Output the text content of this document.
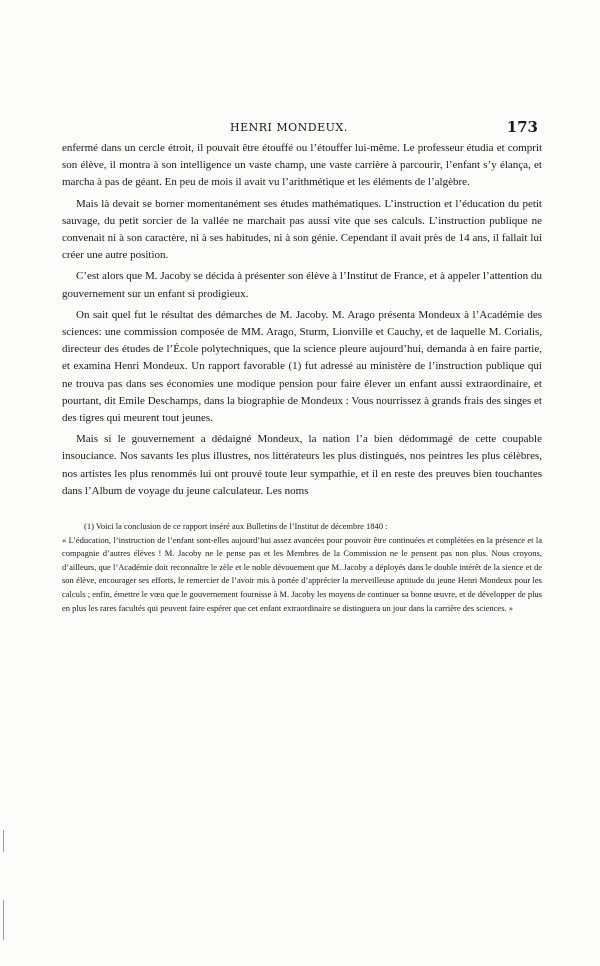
HENRI MONDEUX.	173

enfermé dans un cercle étroit, il pouvait être étouffé ou l’étouffer lui-même. Le professeur étudia et comprit son élève, il montra à son intelligence un vaste champ, une vaste carrière à parcourir, l’enfant s’y élança, et marcha à pas de géant. En peu de mois il avait vu l’arithmétique et les éléments de l’algèbre.

Mais là devait se borner momentanément ses études mathématiques. L’instruction et l’éducation du petit sauvage, du petit sorcier de la vallée ne marchait pas aussi vite que ses calculs. L’instruction publique ne convenait ni à son caractère, ni à ses habitudes, ni à son génie. Cependant il avait près de 14 ans, il fallait lui créer une autre position.

C’est alors que M. Jacoby se décida à présenter son élève à l’Institut de France, et à appeler l’attention du gouvernement sur un enfant si prodigieux.

On sait quel fut le résultat des démarches de M. Jacoby. M. Arago présenta Mondeux à l’Académie des sciences: une commission composée de MM. Arago, Sturm, Lionville et Cauchy, et de laquelle M. Corialis, directeur des études de l’École polytechniques, que la science pleure aujourd’hui, demanda à en faire partie, et examina Henri Mondeux. Un rapport favorable (1) fut adressé au ministère de l’instruction publique qui ne trouva pas dans ses économies une modique pension pour faire élever un enfant aussi extraordinaire, et pourtant, dit Emile Deschamps, dans la biographie de Mondeux : Vous nourrissez à grands frais des singes et des tigres qui meurent tout jeunes.

Mais si le gouvernement a dédaigné Mondeux, la nation l’a bien dédommagé de cette coupable insouciance. Nos savants les plus illustres, nos littérateurs les plus distingués, nos peintres les plus célèbres, nos artistes les plus renommés lui ont prouvé toute leur sympathie, et il en reste des preuves bien touchantes dans l’Album de voyage du jeune calculateur. Les noms

(1) Voici la conclusion de ce rapport inséré aux Bulletins de l’Institut de décembre 1840 :

« L’éducation, l’instruction de l’enfant sont-elles aujourd’hui assez avancées pour pouvoir être continuées et complétées en la présence et la compagnie d’autres élèves ! M. Jacoby ne le pense pas et les Membres de la Commission ne le pensent pas non plus. Nous croyons, d’ailleurs, que l’Académie doit reconnaître le zèle et le noble dévouement que M. Jacoby a déployés dans le double intérêt de la sience et de son élève, encourager ses efforts, le remercier de l’avoir mis à portée d’apprécier la merveilleuse aptitude du jeune Henri Mondeux pour les calculs ; enfin, émettre le vœu que le gouvernement fournisse à M. Jacoby les moyens de continuer sa bonne œuvre, et de développer de plus en plus les rares facultés qui peuvent faire espérer que cet enfant extraordinaire se distinguera un jour dans la carrière des sciences. »
